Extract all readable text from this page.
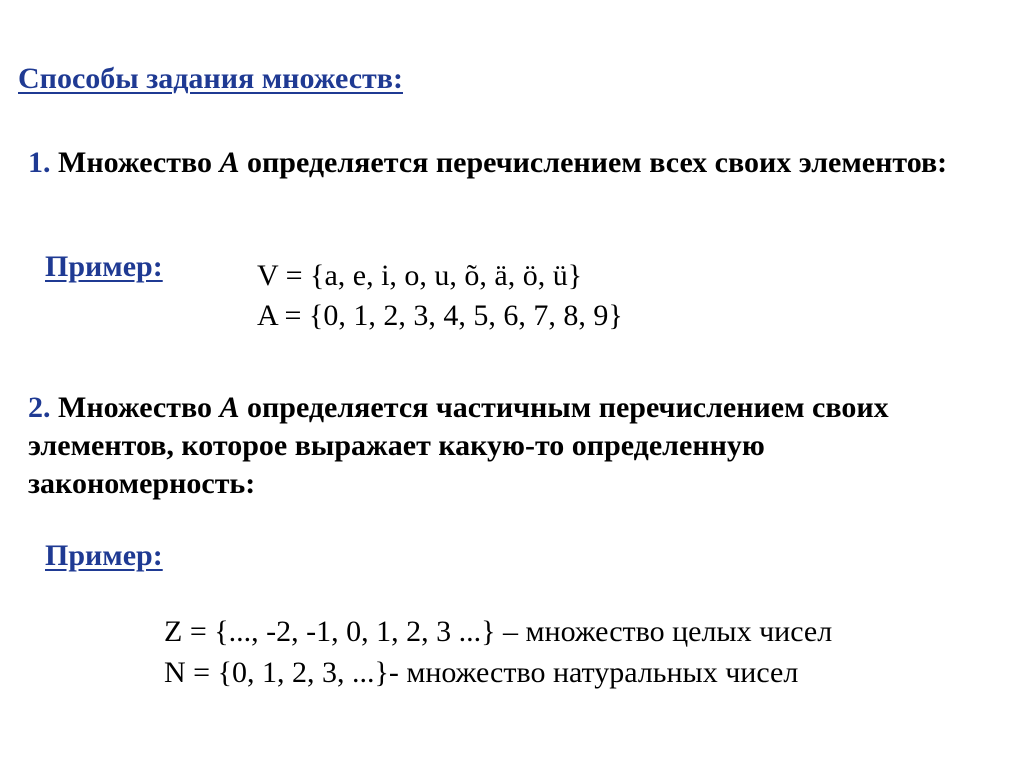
Способы задания множеств:
1. Множество A определяется перечислением всех своих элементов:
Пример:	V = {a, e, i, o, u, õ, ä, ö, ü}
A = {0, 1, 2, 3, 4, 5, 6, 7, 8, 9}
2. Множество A определяется частичным перечислением своих элементов, которое выражает какую-то определенную закономерность:
Пример:
Z = {..., -2, -1, 0, 1, 2, 3 ...} – множество целых чисел
N = {0, 1, 2, 3, ...}- множество натуральных чисел
